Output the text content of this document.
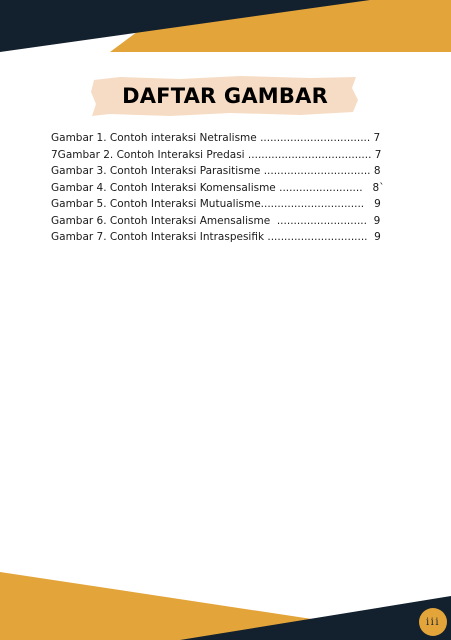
DAFTAR GAMBAR
Gambar 1. Contoh interaksi Netralisme ................................. 7
7Gambar 2. Contoh Interaksi Predasi ..................................... 7
Gambar 3. Contoh Interaksi Parasitisme ................................ 8
Gambar 4. Contoh Interaksi Komensalisme .........................   8`
Gambar 5. Contoh Interaksi Mutualisme...............................   9
Gambar 6. Contoh Interaksi Amensalisme  ...........................  9
Gambar 7. Contoh Interaksi Intraspesifik ..............................  9
iii
